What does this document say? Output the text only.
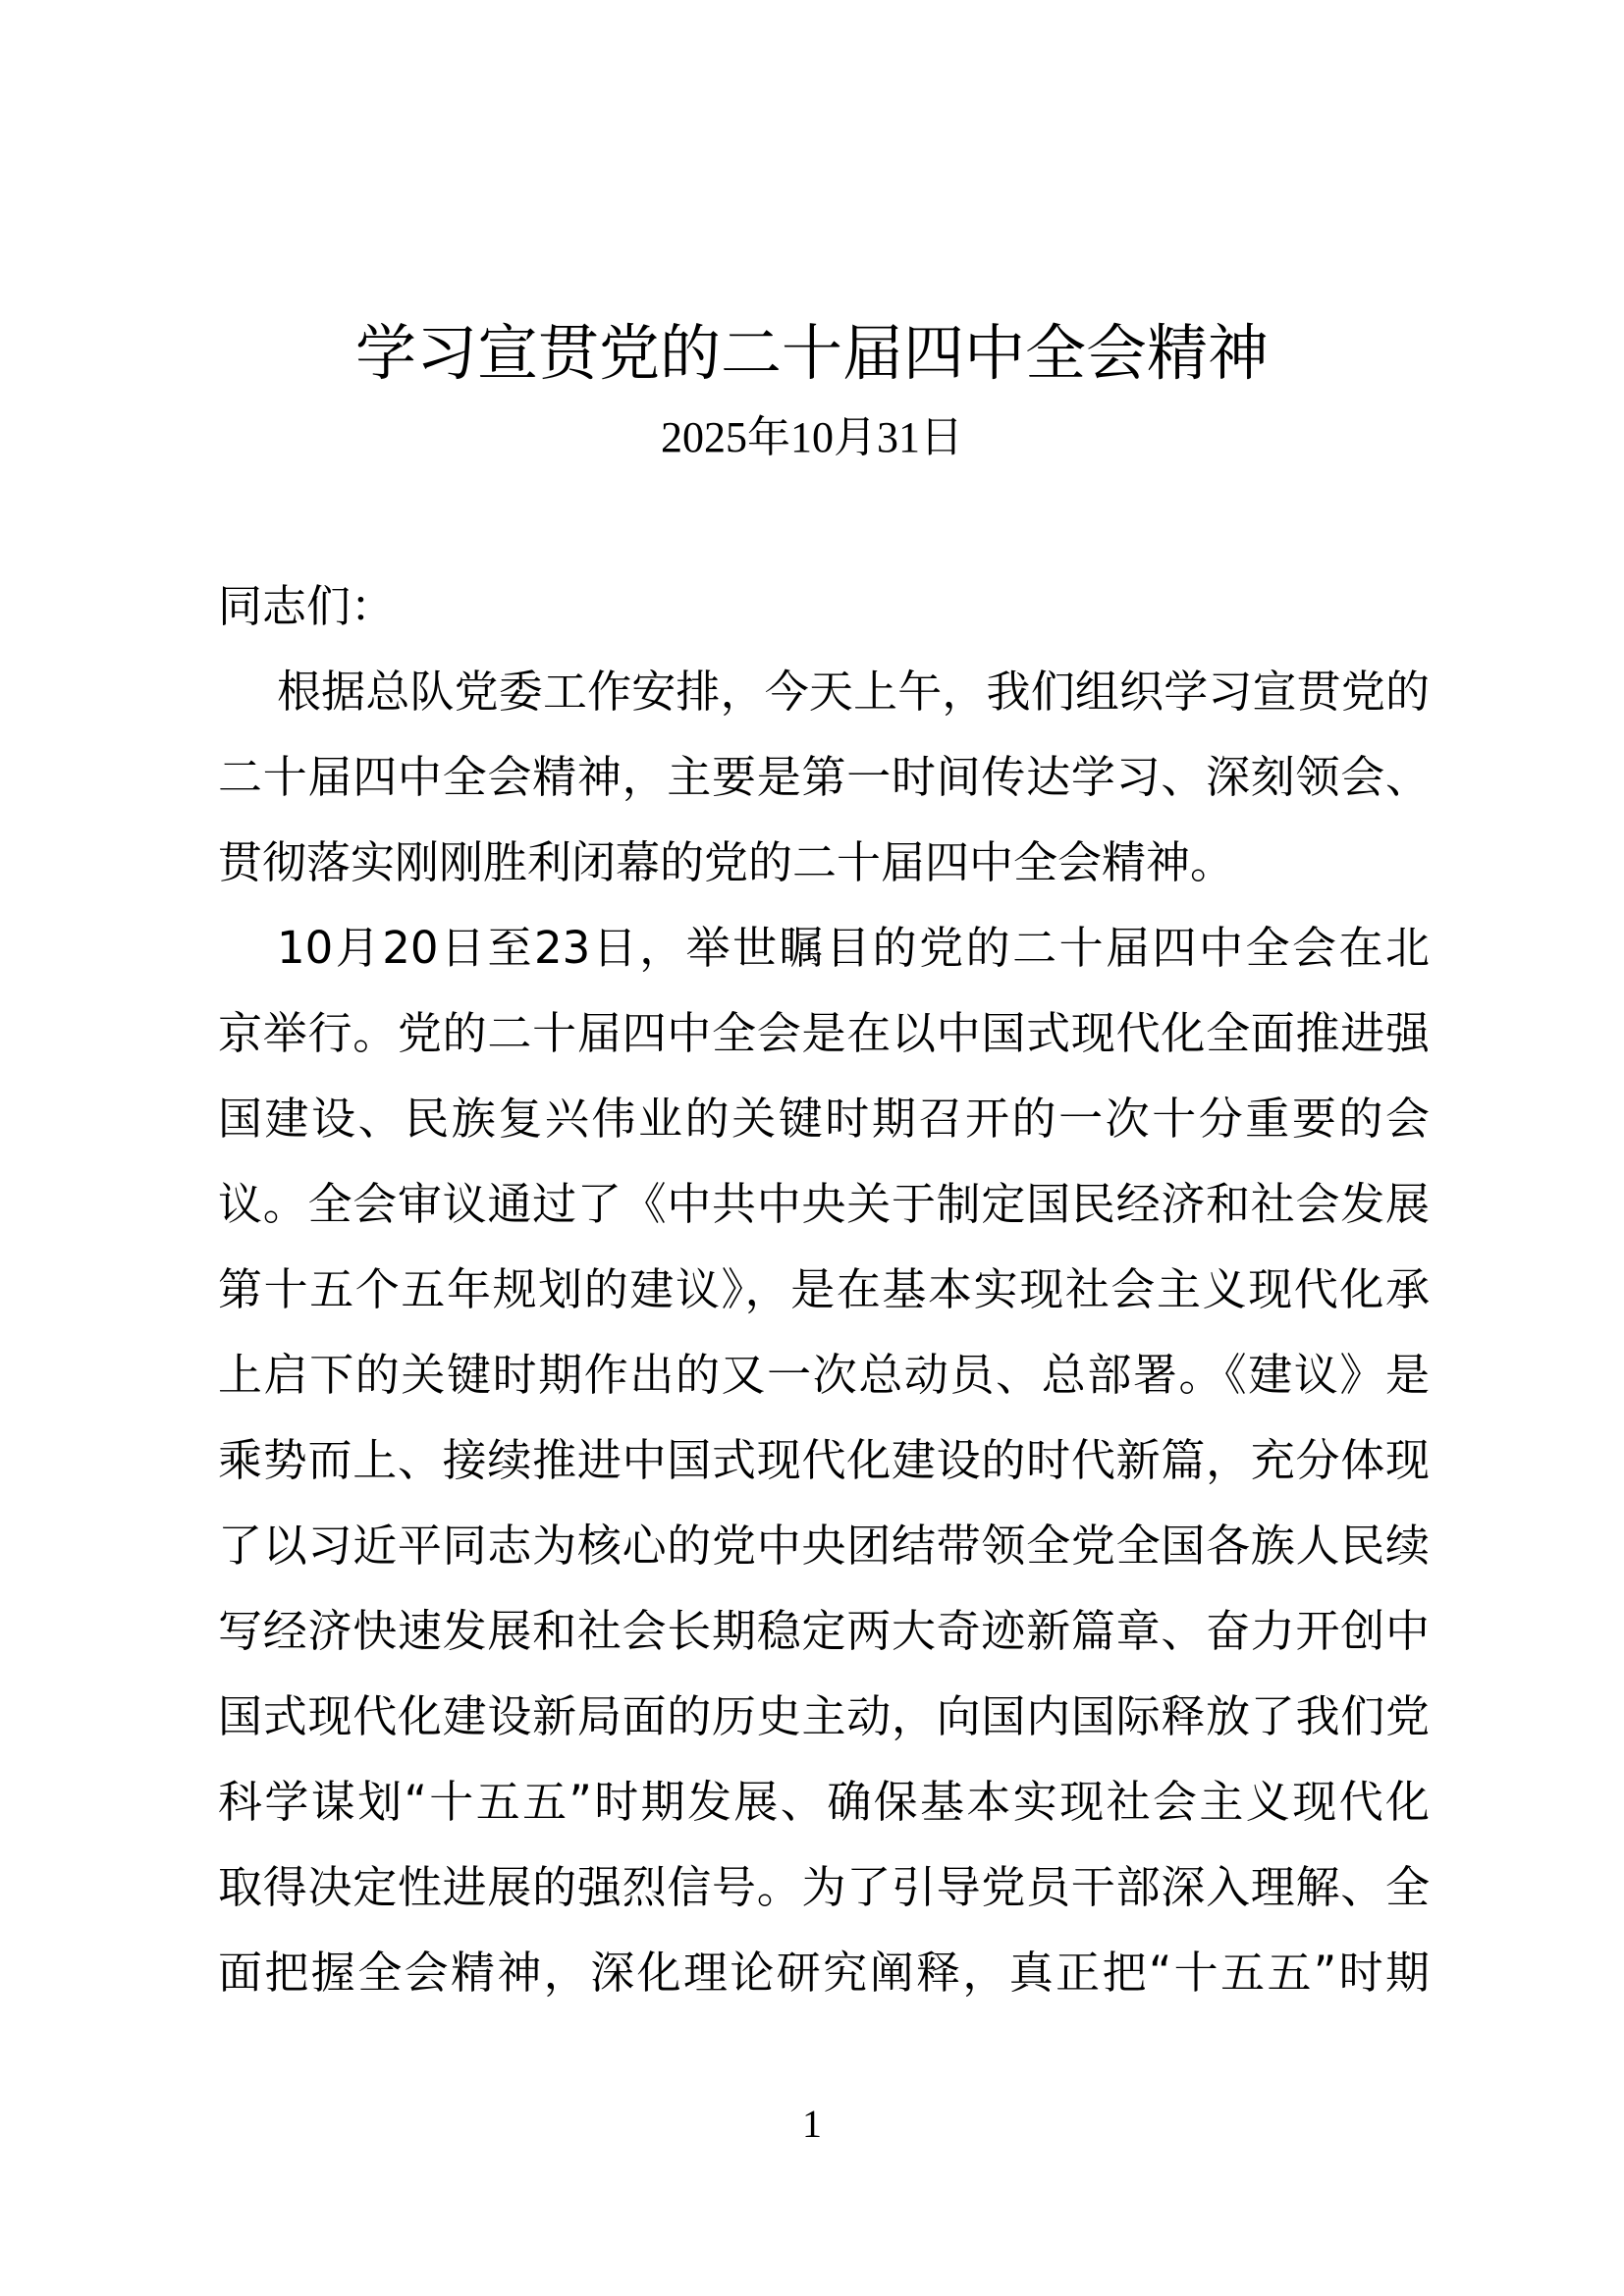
学习宣贯党的二十届四中全会精神
2025年10月31日
同志们：
根据总队党委工作安排，今天上午，我们组织学习宣贯党的
二十届四中全会精神，主要是第一时间传达学习、深刻领会、
贯彻落实刚刚胜利闭幕的党的二十届四中全会精神。
10月20日至23日，举世瞩目的党的二十届四中全会在北
京举行。党的二十届四中全会是在以中国式现代化全面推进强
国建设、民族复兴伟业的关键时期召开的一次十分重要的会
议。全会审议通过了《中共中央关于制定国民经济和社会发展
第十五个五年规划的建议》，是在基本实现社会主义现代化承
上启下的关键时期作出的又一次总动员、总部署。《建议》是
乘势而上、接续推进中国式现代化建设的时代新篇，充分体现
了以习近平同志为核心的党中央团结带领全党全国各族人民续
写经济快速发展和社会长期稳定两大奇迹新篇章、奋力开创中
国式现代化建设新局面的历史主动，向国内国际释放了我们党
科学谋划“十五五”时期发展、确保基本实现社会主义现代化
取得决定性进展的强烈信号。为了引导党员干部深入理解、全
面把握全会精神，深化理论研究阐释，真正把“十五五”时期
1
